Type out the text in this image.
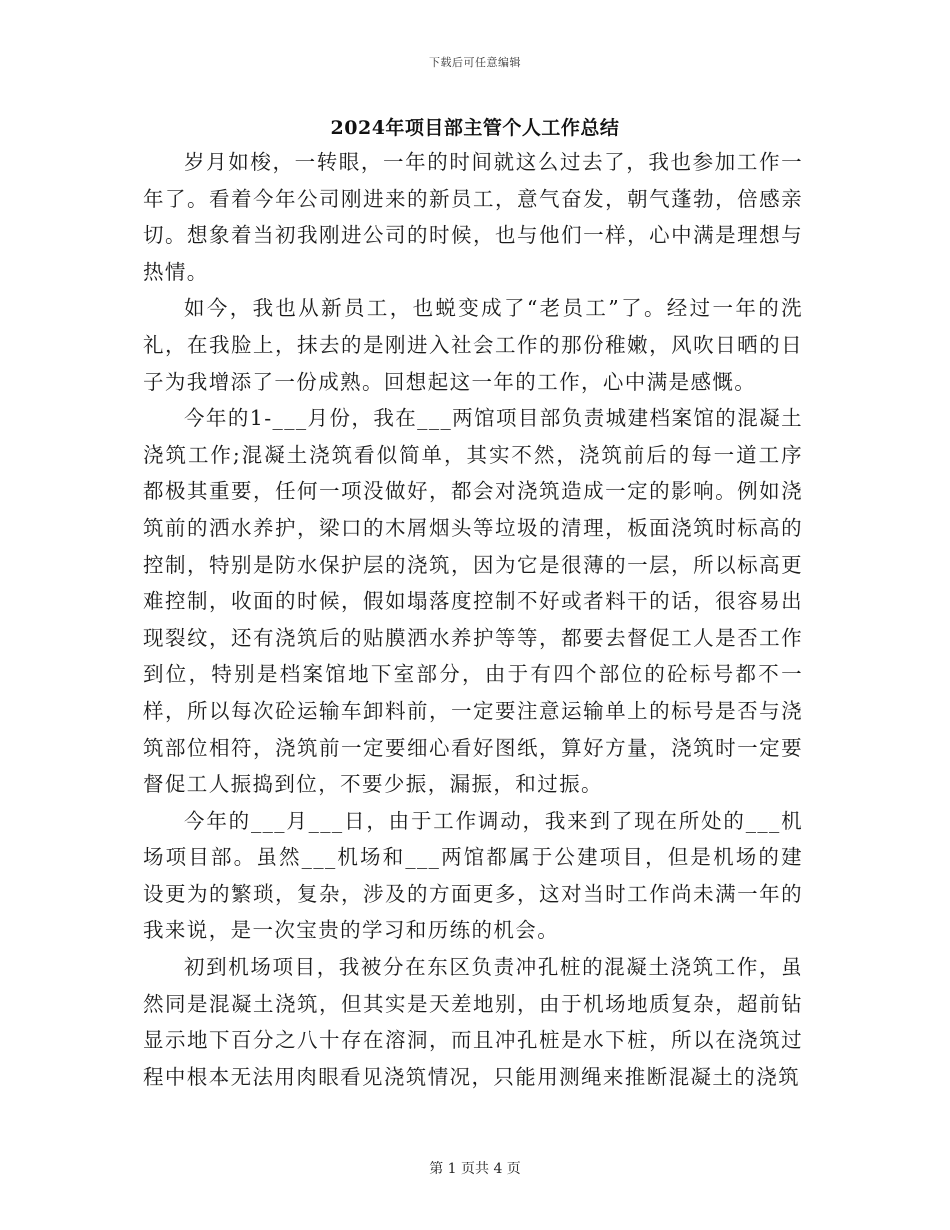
下载后可任意编辑
2024年项目部主管个人工作总结

岁月如梭，一转眼，一年的时间就这么过去了，我也参加工作一年了。看着今年公司刚进来的新员工，意气奋发，朝气蓬勃，倍感亲切。想象着当初我刚进公司的时候，也与他们一样，心中满是理想与热情。

如今，我也从新员工，也蜕变成了“老员工”了。经过一年的洗礼，在我脸上，抹去的是刚进入社会工作的那份稚嫩，风吹日晒的日子为我增添了一份成熟。回想起这一年的工作，心中满是感慨。

今年的1-___月份，我在___两馆项目部负责城建档案馆的混凝土浇筑工作;混凝土浇筑看似简单，其实不然，浇筑前后的每一道工序都极其重要，任何一项没做好，都会对浇筑造成一定的影响。例如浇筑前的洒水养护，梁口的木屑烟头等垃圾的清理，板面浇筑时标高的控制，特别是防水保护层的浇筑，因为它是很薄的一层，所以标高更难控制，收面的时候，假如塌落度控制不好或者料干的话，很容易出现裂纹，还有浇筑后的贴膜洒水养护等等，都要去督促工人是否工作到位，特别是档案馆地下室部分，由于有四个部位的砼标号都不一样，所以每次砼运输车卸料前，一定要注意运输单上的标号是否与浇筑部位相符，浇筑前一定要细心看好图纸，算好方量，浇筑时一定要督促工人振捣到位，不要少振，漏振，和过振。

今年的___月___日，由于工作调动，我来到了现在所处的___机场项目部。虽然___机场和___两馆都属于公建项目，但是机场的建设更为的繁琐，复杂，涉及的方面更多，这对当时工作尚未满一年的我来说，是一次宝贵的学习和历练的机会。

初到机场项目，我被分在东区负责冲孔桩的混凝土浇筑工作，虽然同是混凝土浇筑，但其实是天差地别，由于机场地质复杂，超前钻显示地下百分之八十存在溶洞，而且冲孔桩是水下桩，所以在浇筑过程中根本无法用肉眼看见浇筑情况，只能用测绳来推断混凝土的浇筑

第 1 页共 4 页
